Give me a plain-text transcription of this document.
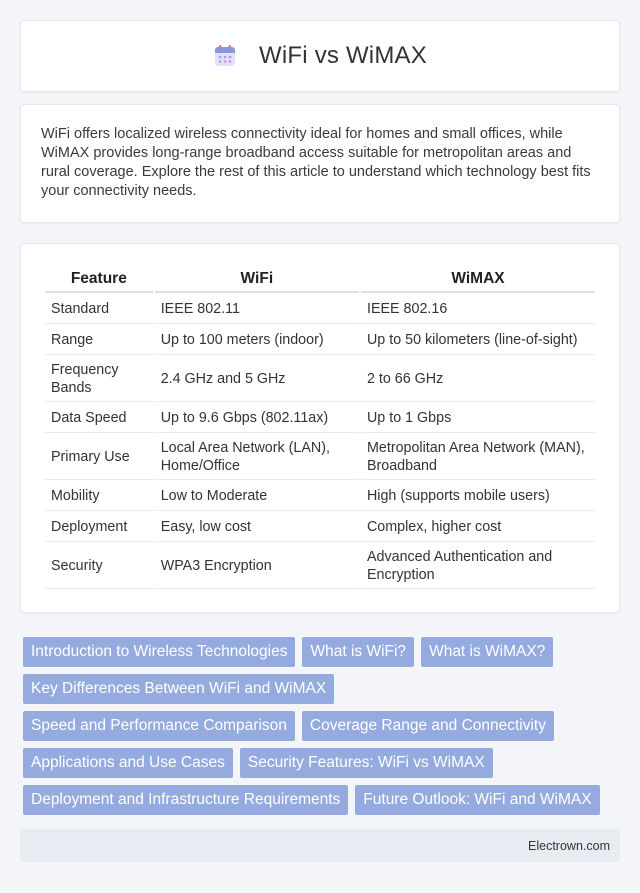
WiFi vs WiMAX

WiFi offers localized wireless connectivity ideal for homes and small offices, while WiMAX provides long-range broadband access suitable for metropolitan areas and rural coverage. Explore the rest of this article to understand which technology best fits your connectivity needs.

Feature	WiFi	WiMAX
Standard	IEEE 802.11	IEEE 802.16
Range	Up to 100 meters (indoor)	Up to 50 kilometers (line-of-sight)
Frequency Bands	2.4 GHz and 5 GHz	2 to 66 GHz
Data Speed	Up to 9.6 Gbps (802.11ax)	Up to 1 Gbps
Primary Use	Local Area Network (LAN), Home/Office	Metropolitan Area Network (MAN), Broadband
Mobility	Low to Moderate	High (supports mobile users)
Deployment	Easy, low cost	Complex, higher cost
Security	WPA3 Encryption	Advanced Authentication and Encryption
Introduction to Wireless Technologies	What is WiFi?	What is WiMAX?
Key Differences Between WiFi and WiMAX
Speed and Performance Comparison	Coverage Range and Connectivity
Applications and Use Cases	Security Features: WiFi vs WiMAX
Deployment and Infrastructure Requirements	Future Outlook: WiFi and WiMAX
Electrown.com
